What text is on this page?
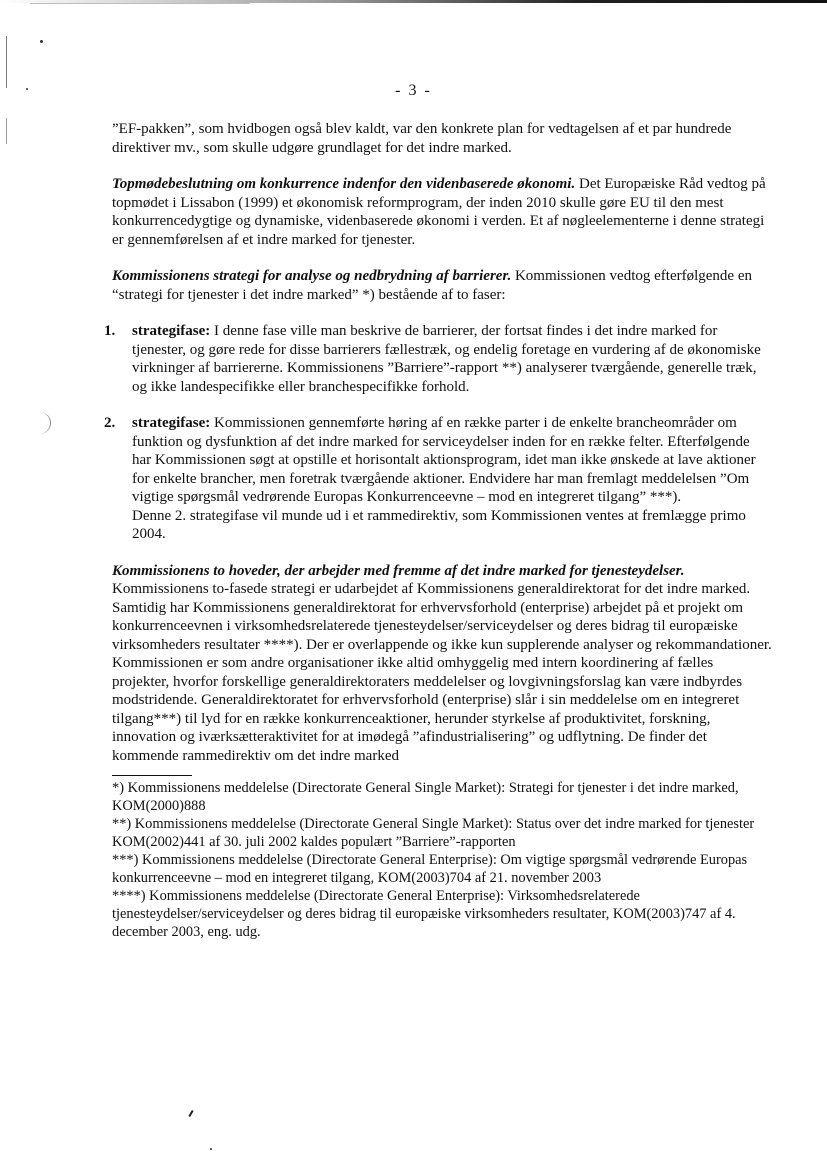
- 3 -

”EF-pakken”, som hvidbogen også blev kaldt, var den konkrete plan for vedtagelsen af et par hundrede direktiver mv., som skulle udgøre grundlaget for det indre marked.

Topmødebeslutning om konkurrence indenfor den videnbaserede økonomi. Det Europæiske Råd vedtog på topmødet i Lissabon (1999) et økonomisk reformprogram, der inden 2010 skulle gøre EU til den mest konkurrencedygtige og dynamiske, videnbaserede økonomi i verden. Et af nøgleelementerne i denne strategi er gennemførelsen af et indre marked for tjenester.

Kommissionens strategi for analyse og nedbrydning af barrierer. Kommissionen vedtog efterfølgende en “strategi for tjenester i det indre marked” *) bestående af to faser:

1. strategifase: I denne fase ville man beskrive de barrierer, der fortsat findes i det indre marked for tjenester, og gøre rede for disse barrierers fællestræk, og endelig foretage en vurdering af de økonomiske virkninger af barriererne. Kommissionens ”Barriere”-rapport **) analyserer tværgående, generelle træk, og ikke landespecifikke eller branchespecifikke forhold.

2. strategifase: Kommissionen gennemførte høring af en række parter i de enkelte brancheområder om funktion og dysfunktion af det indre marked for serviceydelser inden for en række felter. Efterfølgende har Kommissionen søgt at opstille et horisontalt aktionsprogram, idet man ikke ønskede at lave aktioner for enkelte brancher, men foretrak tværgående aktioner. Endvidere har man fremlagt meddelelsen ”Om vigtige spørgsmål vedrørende Europas Konkurrenceevne – mod en integreret tilgang” ***).

Denne 2. strategifase vil munde ud i et rammedirektiv, som Kommissionen ventes at fremlægge primo 2004.

Kommissionens to hoveder, der arbejder med fremme af det indre marked for tjenesteydelser. Kommissionens to-fasede strategi er udarbejdet af Kommissionens generaldirektorat for det indre marked. Samtidig har Kommissionens generaldirektorat for erhvervsforhold (enterprise) arbejdet på et projekt om konkurrenceevnen i virksomhedsrelaterede tjenesteydelser/serviceydelser og deres bidrag til europæiske virksomheders resultater ****). Der er overlappende og ikke kun supplerende analyser og rekommandationer. Kommissionen er som andre organisationer ikke altid omhyggelig med intern koordinering af fælles projekter, hvorfor forskellige generaldirektoraters meddelelser og lovgivningsforslag kan være indbyrdes modstridende. Generaldirektoratet for erhvervsforhold (enterprise) slår i sin meddelelse om en integreret tilgang***) til lyd for en række konkurrenceaktioner, herunder styrkelse af produktivitet, forskning, innovation og iværksætteraktivitet for at imødegå ”afindustrialisering” og udflytning. De finder det kommende rammedirektiv om det indre marked

*) Kommissionens meddelelse (Directorate General Single Market): Strategi for tjenester i det indre marked, KOM(2000)888

**) Kommissionens meddelelse (Directorate General Single Market): Status over det indre marked for tjenester KOM(2002)441 af 30. juli 2002 kaldes populært ”Barriere”-rapporten

***) Kommissionens meddelelse (Directorate General Enterprise): Om vigtige spørgsmål vedrørende Europas konkurrenceevne – mod en integreret tilgang, KOM(2003)704 af 21. november 2003

****) Kommissionens meddelelse (Directorate General Enterprise): Virksomhedsrelaterede tjenesteydelser/serviceydelser og deres bidrag til europæiske virksomheders resultater, KOM(2003)747 af 4. december 2003, eng. udg.
